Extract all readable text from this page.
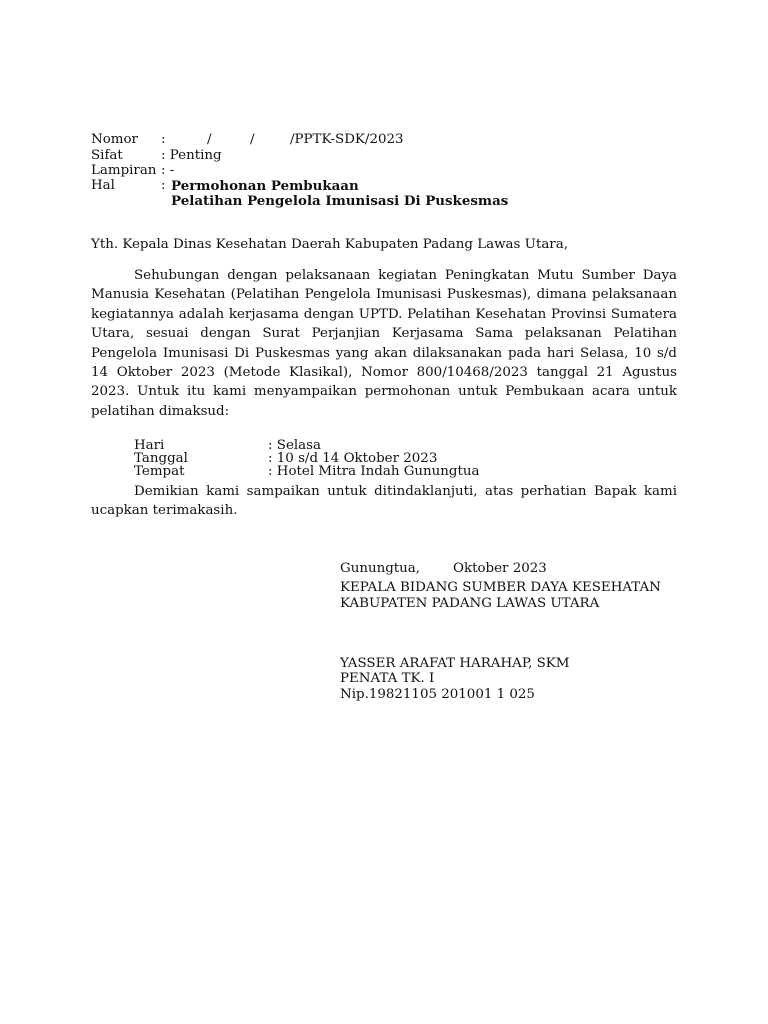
Nomor :	/	/	/PPTK-SDK/2023
Sifat	: Penting
Lampiran : -
Hal	: Permohonan Pembukaan
Pelatihan Pengelola Imunisasi Di Puskesmas
Yth. Kepala Dinas Kesehatan Daerah Kabupaten Padang Lawas Utara,

Sehubungan dengan pelaksanaan kegiatan Peningkatan Mutu Sumber Daya Manusia Kesehatan (Pelatihan Pengelola Imunisasi Puskesmas), dimana pelaksanaan kegiatannya adalah kerjasama dengan UPTD. Pelatihan Kesehatan Provinsi Sumatera Utara, sesuai dengan Surat Perjanjian Kerjasama Sama pelaksanan Pelatihan Pengelola Imunisasi Di Puskesmas yang akan dilaksanakan pada hari Selasa, 10 s/d 14 Oktober 2023 (Metode Klasikal), Nomor 800/10468/2023 tanggal 21 Agustus 2023. Untuk itu kami menyampaikan permohonan untuk Pembukaan acara untuk pelatihan dimaksud:

Hari	: Selasa
Tanggal	: 10 s/d 14 Oktober 2023
Tempat	: Hotel Mitra Indah Gunungtua

Demikian kami sampaikan untuk ditindaklanjuti, atas perhatian Bapak kami ucapkan terimakasih.

Gunungtua, Oktober 2023
KEPALA BIDANG SUMBER DAYA KESEHATAN
KABUPATEN PADANG LAWAS UTARA
YASSER ARAFAT HARAHAP, SKM
PENATA TK. I
Nip.19821105 201001 1 025
